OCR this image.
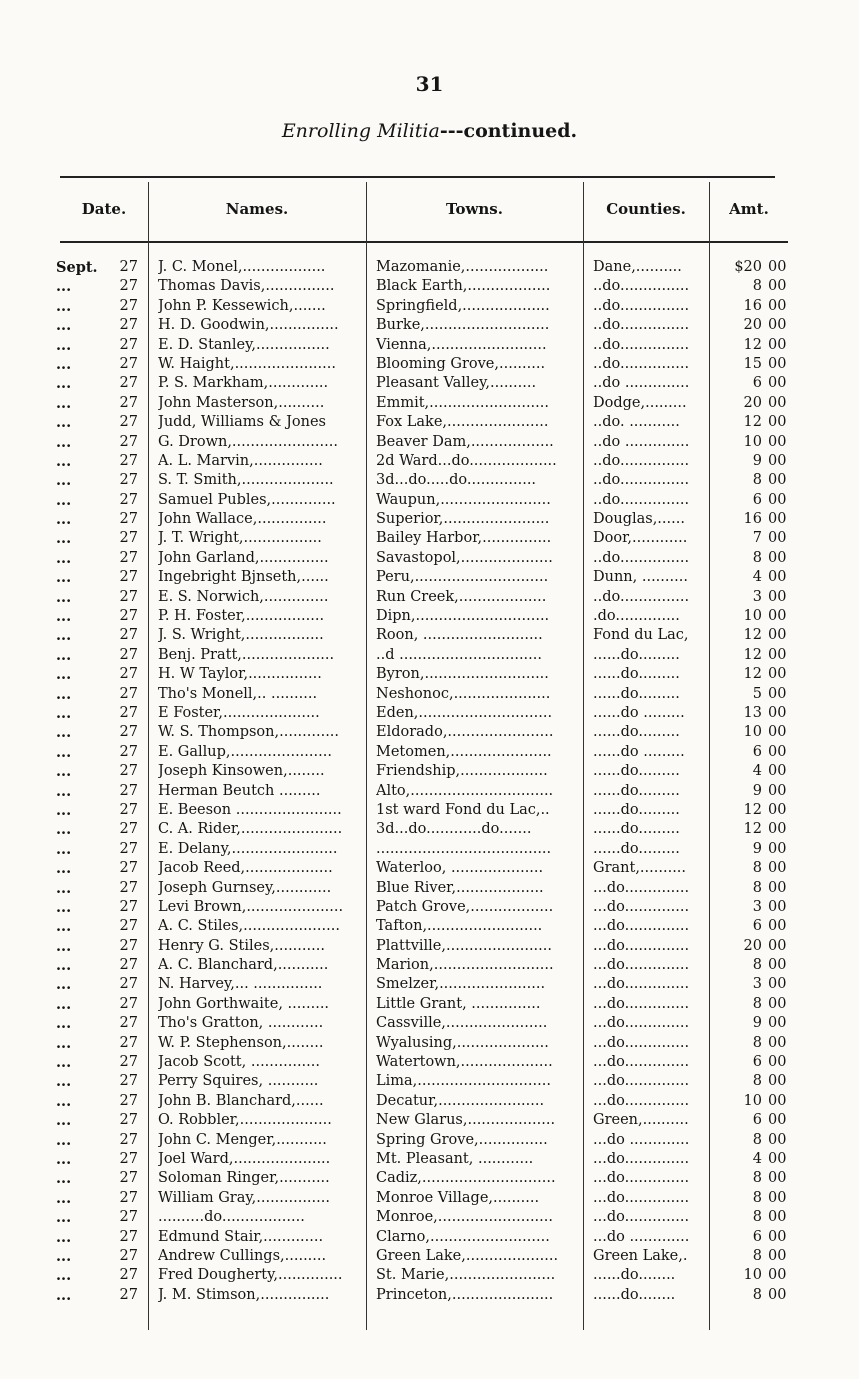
31
Enrolling Militia---continued.
Date.	Names.	Towns.	Counties.	Amt.
Sept.	27 J. C. Monel,..................	Mazomanie,..................	Dane,..........	$20 00
...	27 Thomas Davis,...............	Black Earth,..................	..do...............	8 00
...	27 John P. Kessewich,.......	Springfield,...................	..do...............	16 00
...	27 H. D. Goodwin,...............	Burke,...........................	..do...............	20 00
...	27 E. D. Stanley,................	Vienna,.........................	..do...............	12 00
...	27 W. Haight,......................	Blooming Grove,..........	..do...............	15 00
...	27 P. S. Markham,.............	Pleasant Valley,..........	..do ..............	6 00
...	27 John Masterson,..........	Emmit,..........................	Dodge,.........	20 00
...	27 Judd, Williams & Jones	Fox Lake,......................	..do. ...........	12 00
...	27 G. Drown,.......................	Beaver Dam,..................	..do ..............	10 00
...	27 A. L. Marvin,...............	2d Ward...do...................	..do...............	9 00
...	27 S. T. Smith,....................	3d...do.....do...............	..do...............	8 00
...	27 Samuel Publes,..............	Waupun,........................	..do...............	6 00
...	27 John Wallace,...............	Superior,.......................	Douglas,......	16 00
...	27 J. T. Wright,.................	Bailey Harbor,...............	Door,............	7 00
...	27 John Garland,...............	Savastopol,....................	..do...............	8 00
...	27 Ingebright Bjnseth,......	Peru,.............................	Dunn, ..........	4 00
...	27 E. S. Norwich,..............	Run Creek,...................	..do...............	3 00
...	27 P. H. Foster,.................	Dipn,.............................	.do..............	10 00
...	27 J. S. Wright,.................	Roon, ..........................	Fond du Lac,	12 00
...	27 Benj. Pratt,....................	..d ...............................	......do.........	12 00
...	27 H. W Taylor,................	Byron,...........................	......do.........	12 00
...	27 Tho's Monell,.. ..........	Neshonoc,.....................	......do.........	5 00
...	27 E Foster,.....................	Eden,.............................	......do .........	13 00
...	27 W. S. Thompson,.............	Eldorado,.......................	......do.........	10 00
...	27 E. Gallup,......................	Metomen,......................	......do .........	6 00
...	27 Joseph Kinsowen,........	Friendship,...................	......do.........	4 00
...	27 Herman Beutch .........	Alto,...............................	......do.........	9 00
...	27 E. Beeson .......................	1st ward Fond du Lac,..	......do.........	12 00
...	27 C. A. Rider,......................	3d...do............do.......	......do.........	12 00
...	27 E. Delany,.......................	......................................	......do.........	9 00
...	27 Jacob Reed,...................	Waterloo, ....................	Grant,..........	8 00
...	27 Joseph Gurnsey,............	Blue River,...................	...do..............	8 00
...	27 Levi Brown,.....................	Patch Grove,..................	...do..............	3 00
...	27 A. C. Stiles,.....................	Tafton,.........................	...do..............	6 00
...	27 Henry G. Stiles,...........	Plattville,.......................	...do..............	20 00
...	27 A. C. Blanchard,...........	Marion,..........................	...do..............	8 00
...	27 N. Harvey,... ...............	Smelzer,.......................	...do..............	3 00
...	27 John Gorthwaite, .........	Little Grant, ...............	...do..............	8 00
...	27 Tho's Gratton, ............	Cassville,......................	...do..............	9 00
...	27 W. P. Stephenson,........	Wyalusing,....................	...do..............	8 00
...	27 Jacob Scott, ...............	Watertown,....................	...do..............	6 00
...	27 Perry Squires, ...........	Lima,.............................	...do..............	8 00
...	27 John B. Blanchard,......	Decatur,.......................	...do..............	10 00
...	27 O. Robbler,....................	New Glarus,...................	Green,..........	6 00
...	27 John C. Menger,...........	Spring Grove,...............	...do .............	8 00
...	27 Joel Ward,.....................	Mt. Pleasant, ............	...do..............	4 00
...	27 Soloman Ringer,...........	Cadiz,.............................	...do..............	8 00
...	27 William Gray,................	Monroe Village,..........	...do..............	8 00
...	27 ..........do..................	Monroe,.........................	...do..............	8 00
...	27 Edmund Stair,.............	Clarno,..........................	...do .............	6 00
...	27 Andrew Cullings,.........	Green Lake,....................	Green Lake,.	8 00
...	27 Fred Dougherty,..............	St. Marie,.......................	......do........	10 00
...	27 J. M. Stimson,...............	Princeton,......................	......do........	8 00
